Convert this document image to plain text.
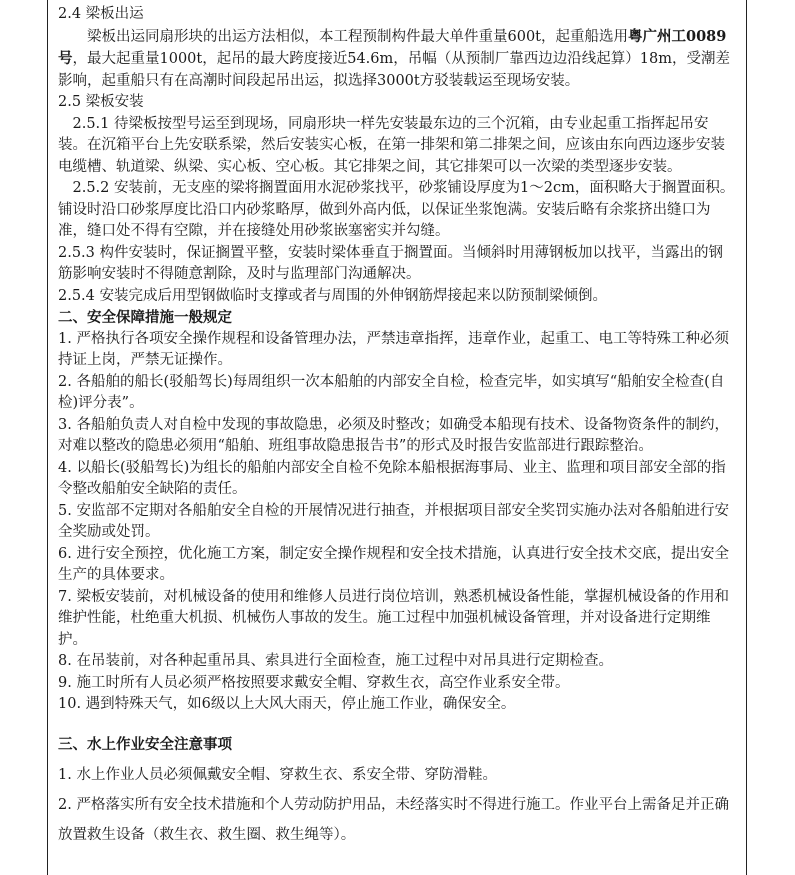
2.4 梁板出运

梁板出运同扇形块的出运方法相似，本工程预制构件最大单件重量600t，起重船选用粤广州工0089号，最大起重量1000t，起吊的最大跨度接近54.6m，吊幅（从预制厂靠西边边沿线起算）18m，受潮差影响，起重船只有在高潮时间段起吊出运，拟选择3000t方驳装载运至现场安装。

2.5 梁板安装

2.5.1 待梁板按型号运至到现场，同扇形块一样先安装最东边的三个沉箱，由专业起重工指挥起吊安装。在沉箱平台上先安联系梁，然后安装实心板，在第一排架和第二排架之间，应该由东向西边逐步安装电缆槽、轨道梁、纵梁、实心板、空心板。其它排架之间，其它排架可以一次梁的类型逐步安装。

2.5.2 安装前，无支座的梁将搁置面用水泥砂浆找平，砂浆铺设厚度为1～2cm，面积略大于搁置面积。铺设时沿口砂浆厚度比沿口内砂浆略厚，做到外高内低，以保证坐浆饱满。安装后略有余浆挤出缝口为准，缝口处不得有空隙，并在接缝处用砂浆嵌塞密实并勾缝。

2.5.3 构件安装时，保证搁置平整，安装时梁体垂直于搁置面。当倾斜时用薄钢板加以找平，当露出的钢筋影响安装时不得随意割除，及时与监理部门沟通解决。

2.5.4 安装完成后用型钢做临时支撑或者与周围的外伸钢筋焊接起来以防预制梁倾倒。

二、安全保障措施一般规定

1. 严格执行各项安全操作规程和设备管理办法，严禁违章指挥，违章作业，起重工、电工等特殊工种必须持证上岗，严禁无证操作。

2. 各船舶的船长(驳船驾长)每周组织一次本船舶的内部安全自检，检查完毕，如实填写“船舶安全检查(自检)评分表”。

3. 各船舶负责人对自检中发现的事故隐患，必须及时整改；如确受本船现有技术、设备物资条件的制约，对难以整改的隐患必须用“船舶、班组事故隐患报告书”的形式及时报告安监部进行跟踪整治。

4. 以船长(驳船驾长)为组长的船舶内部安全自检不免除本船根据海事局、业主、监理和项目部安全部的指令整改船舶安全缺陷的责任。

5. 安监部不定期对各船舶安全自检的开展情况进行抽查，并根据项目部安全奖罚实施办法对各船舶进行安全奖励或处罚。

6. 进行安全预控，优化施工方案，制定安全操作规程和安全技术措施，认真进行安全技术交底，提出安全生产的具体要求。

7. 梁板安装前，对机械设备的使用和维修人员进行岗位培训，熟悉机械设备性能，掌握机械设备的作用和维护性能，杜绝重大机损、机械伤人事故的发生。施工过程中加强机械设备管理，并对设备进行定期维护。

8. 在吊装前，对各种起重吊具、索具进行全面检查，施工过程中对吊具进行定期检查。

9. 施工时所有人员必须严格按照要求戴安全帽、穿救生衣，高空作业系安全带。

10. 遇到特殊天气，如6级以上大风大雨天，停止施工作业，确保安全。

三、水上作业安全注意事项

1. 水上作业人员必须佩戴安全帽、穿救生衣、系安全带、穿防滑鞋。

2. 严格落实所有安全技术措施和个人劳动防护用品，未经落实时不得进行施工。作业平台上需备足并正确放置救生设备（救生衣、救生圈、救生绳等）。
